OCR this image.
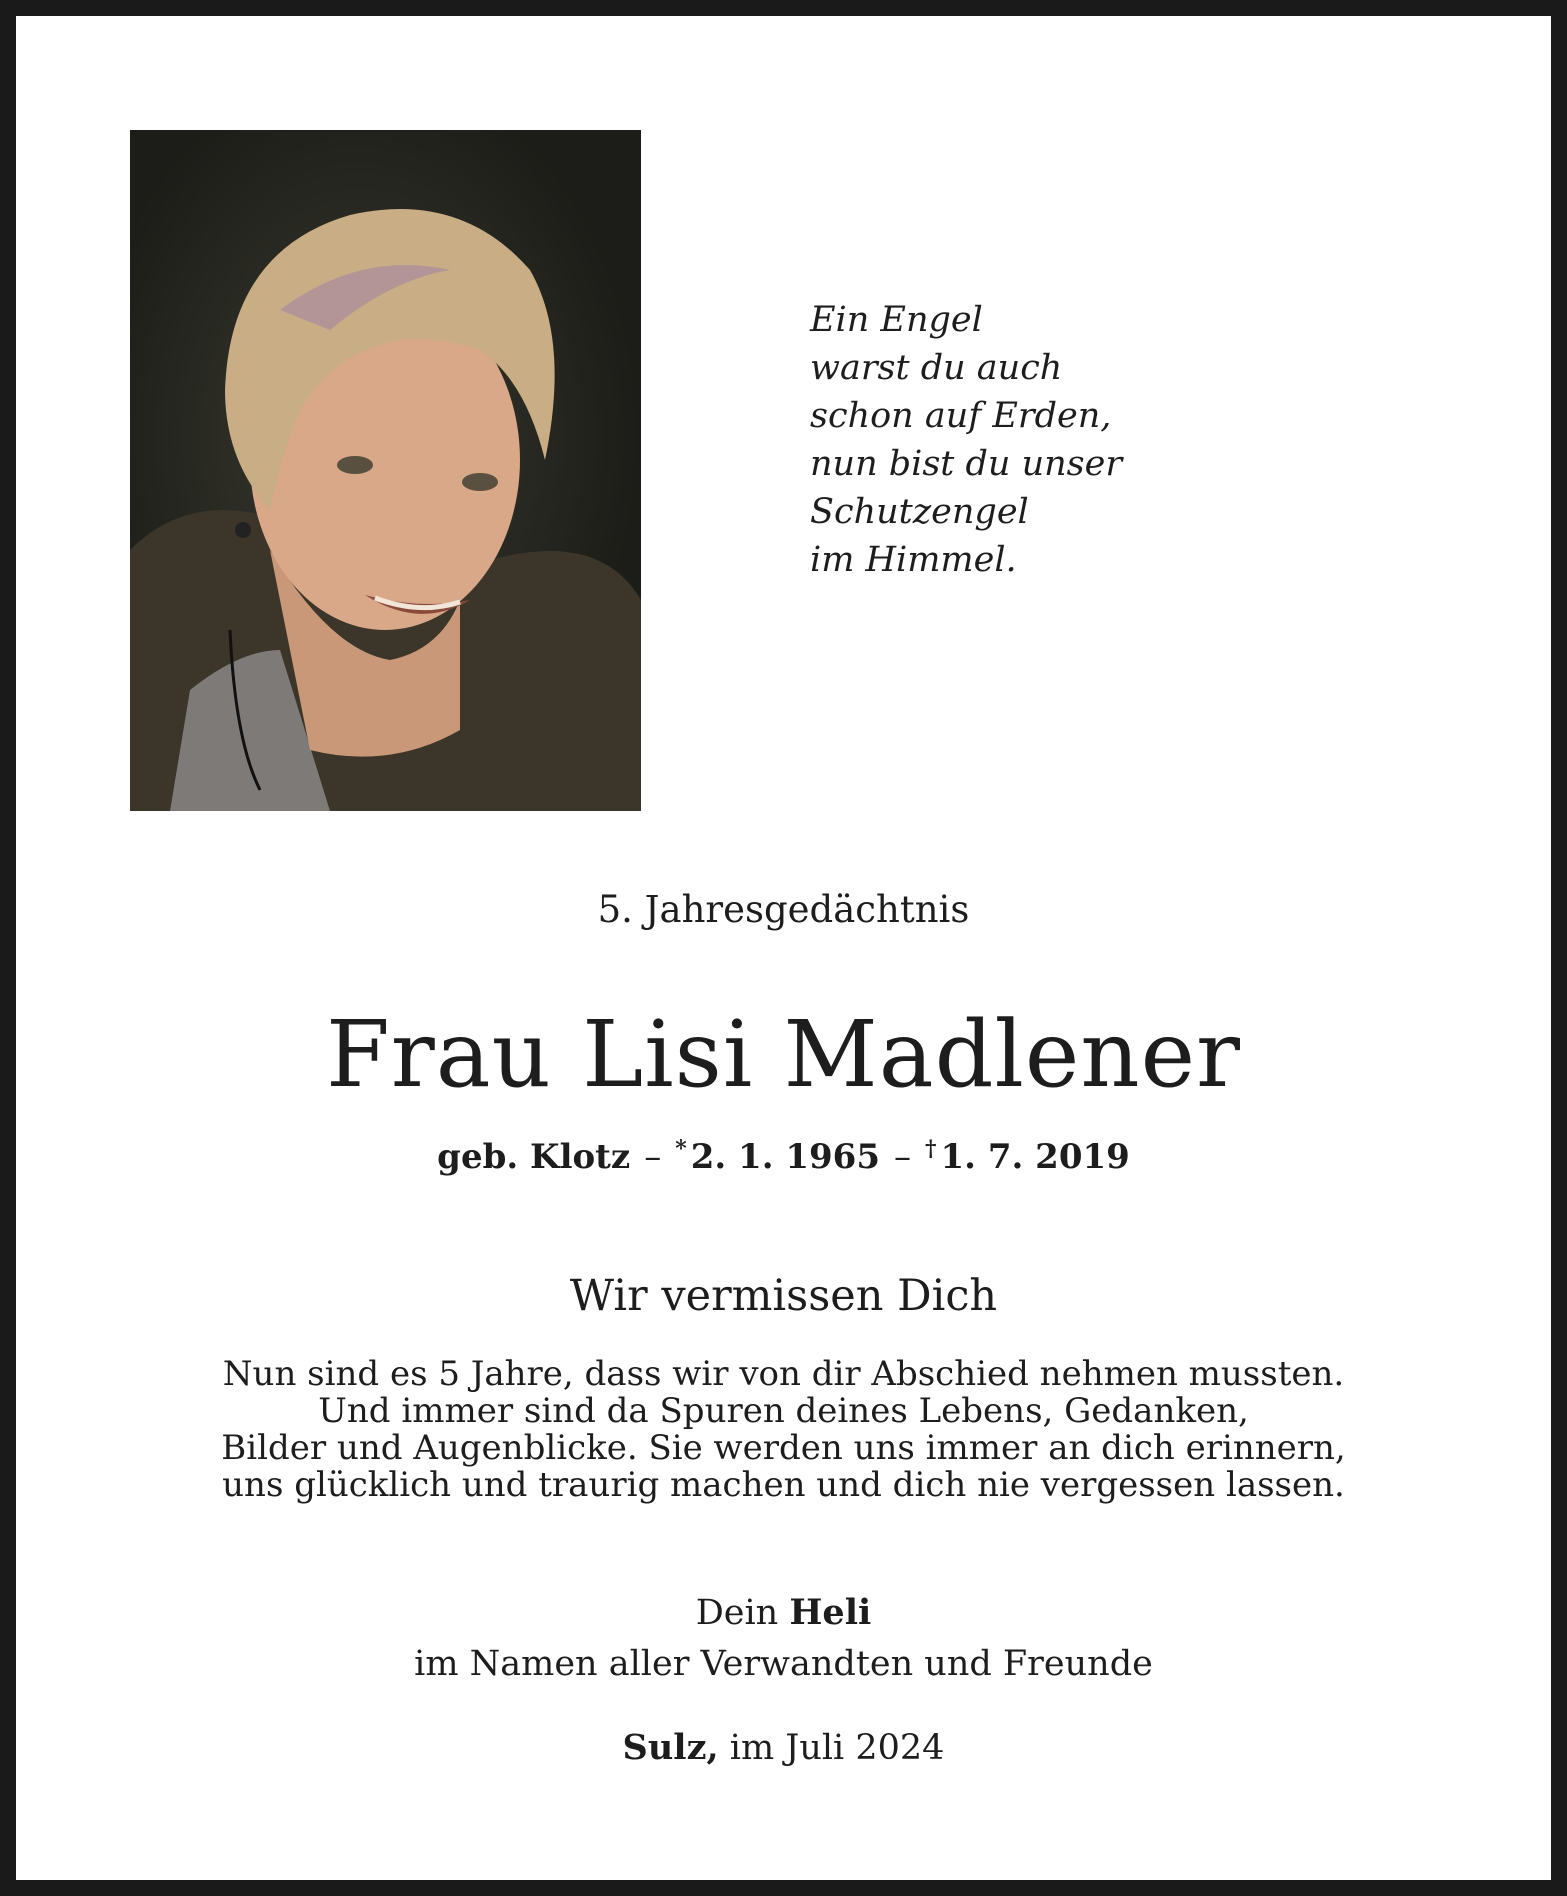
Ein Engel
warst du auch
schon auf Erden,
nun bist du unser
Schutzengel
im Himmel.
5. Jahresgedächtnis
Frau Lisi Madlener
geb. Klotz – * 2. 1. 1965 – † 1. 7. 2019
Wir vermissen Dich
Nun sind es 5 Jahre, dass wir von dir Abschied nehmen mussten.
Und immer sind da Spuren deines Lebens, Gedanken,
Bilder und Augenblicke. Sie werden uns immer an dich erinnern,
uns glücklich und traurig machen und dich nie vergessen lassen.
Dein Heli
im Namen aller Verwandten und Freunde
Sulz, im Juli 2024
